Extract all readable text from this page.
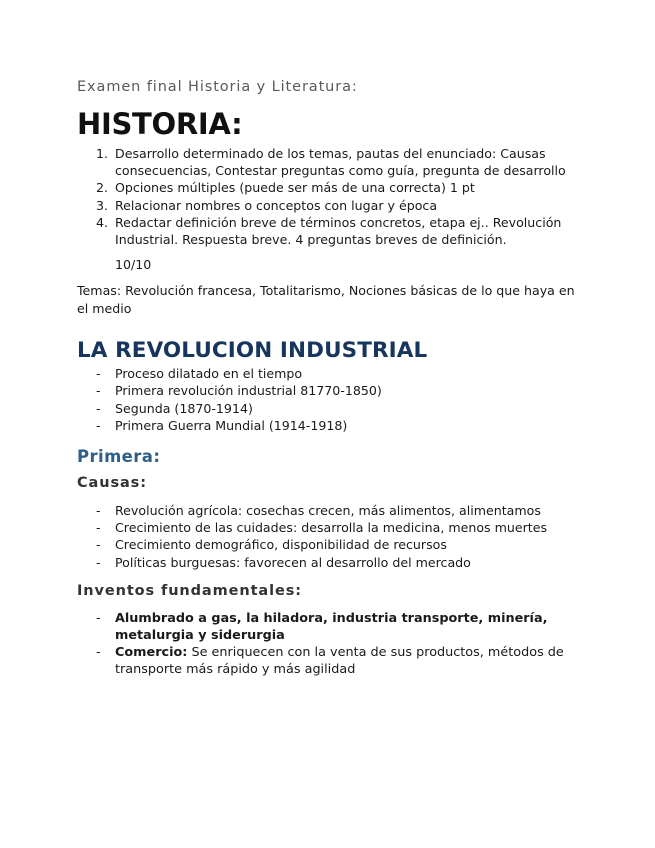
Examen final Historia y Literatura:

HISTORIA:
1. Desarrollo determinado de los temas, pautas del enunciado: Causas consecuencias, Contestar preguntas como guía, pregunta de desarrollo
2. Opciones múltiples (puede ser más de una correcta) 1 pt
3. Relacionar nombres o conceptos con lugar y época
4. Redactar definición breve de términos concretos, etapa ej.. Revolución Industrial. Respuesta breve. 4 preguntas breves de definición.

10/10

Temas: Revolución francesa, Totalitarismo, Nociones básicas de lo que haya en el medio

LA REVOLUCION INDUSTRIAL
- Proceso dilatado en el tiempo
- Primera revolución industrial 81770-1850)
- Segunda (1870-1914)
- Primera Guerra Mundial (1914-1918)
Primera:
Causas:
- Revolución agrícola: cosechas crecen, más alimentos, alimentamos
- Crecimiento de las cuidades: desarrolla la medicina, menos muertes
- Crecimiento demográfico, disponibilidad de recursos
- Políticas burguesas: favorecen al desarrollo del mercado
Inventos fundamentales:
- Alumbrado a gas, la hiladora, industria transporte, minería, metalurgia y siderurgia
- Comercio: Se enriquecen con la venta de sus productos, métodos de transporte más rápido y más agilidad
